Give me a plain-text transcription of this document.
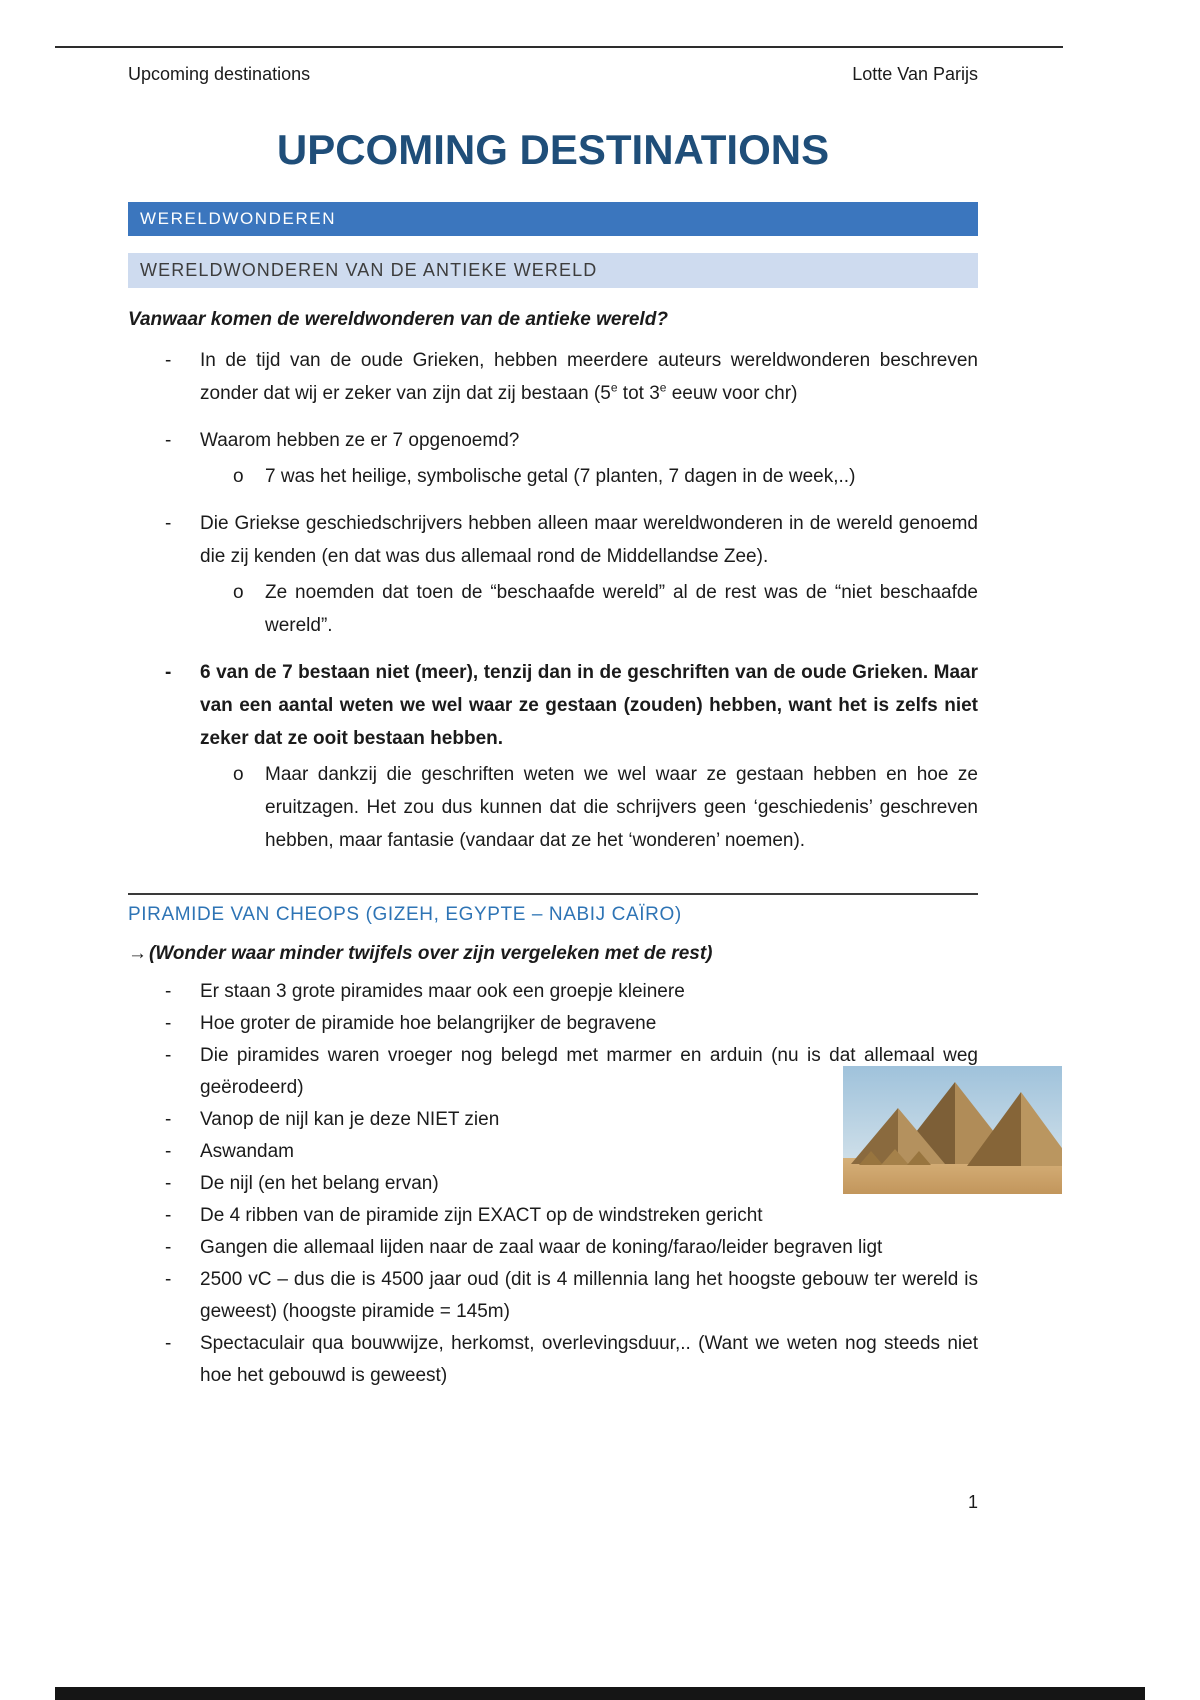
Upcoming destinations	Lotte Van Parijs
UPCOMING DESTINATIONS
WERELDWONDEREN
WERELDWONDEREN VAN DE ANTIEKE WERELD

Vanwaar komen de wereldwonderen van de antieke wereld?

- In de tijd van de oude Grieken, hebben meerdere auteurs wereldwonderen beschreven zonder dat wij er zeker van zijn dat zij bestaan (5e tot 3e eeuw voor chr)
- Waarom hebben ze er 7 opgenoemd?
o 7 was het heilige, symbolische getal (7 planten, 7 dagen in de week,..)
- Die Griekse geschiedschrijvers hebben alleen maar wereldwonderen in de wereld genoemd die zij kenden (en dat was dus allemaal rond de Middellandse Zee).
o Ze noemden dat toen de “beschaafde wereld” al de rest was de “niet beschaafde wereld”.
- 6 van de 7 bestaan niet (meer), tenzij dan in de geschriften van de oude Grieken. Maar van een aantal weten we wel waar ze gestaan (zouden) hebben, want het is zelfs niet zeker dat ze ooit bestaan hebben.
o Maar dankzij die geschriften weten we wel waar ze gestaan hebben en hoe ze eruitzagen. Het zou dus kunnen dat die schrijvers geen ‘geschiedenis’ geschreven hebben, maar fantasie (vandaar dat ze het ‘wonderen’ noemen).
PIRAMIDE VAN CHEOPS (GIZEH, EGYPTE – NABIJ CAÏRO)

→ (Wonder waar minder twijfels over zijn vergeleken met de rest)

- Er staan 3 grote piramides maar ook een groepje kleinere
- Hoe groter de piramide hoe belangrijker de begravene
- Die piramides waren vroeger nog belegd met marmer en arduin (nu is dat allemaal weg geërodeerd)
- Vanop de nijl kan je deze NIET zien
- Aswandam
- De nijl (en het belang ervan)
- De 4 ribben van de piramide zijn EXACT op de windstreken gericht
- Gangen die allemaal lijden naar de zaal waar de koning/farao/leider begraven ligt
- 2500 vC – dus die is 4500 jaar oud (dit is 4 millennia lang het hoogste gebouw ter wereld is geweest) (hoogste piramide = 145m)
- Spectaculair qua bouwwijze, herkomst, overlevingsduur,.. (Want we weten nog steeds niet hoe het gebouwd is geweest)
1
